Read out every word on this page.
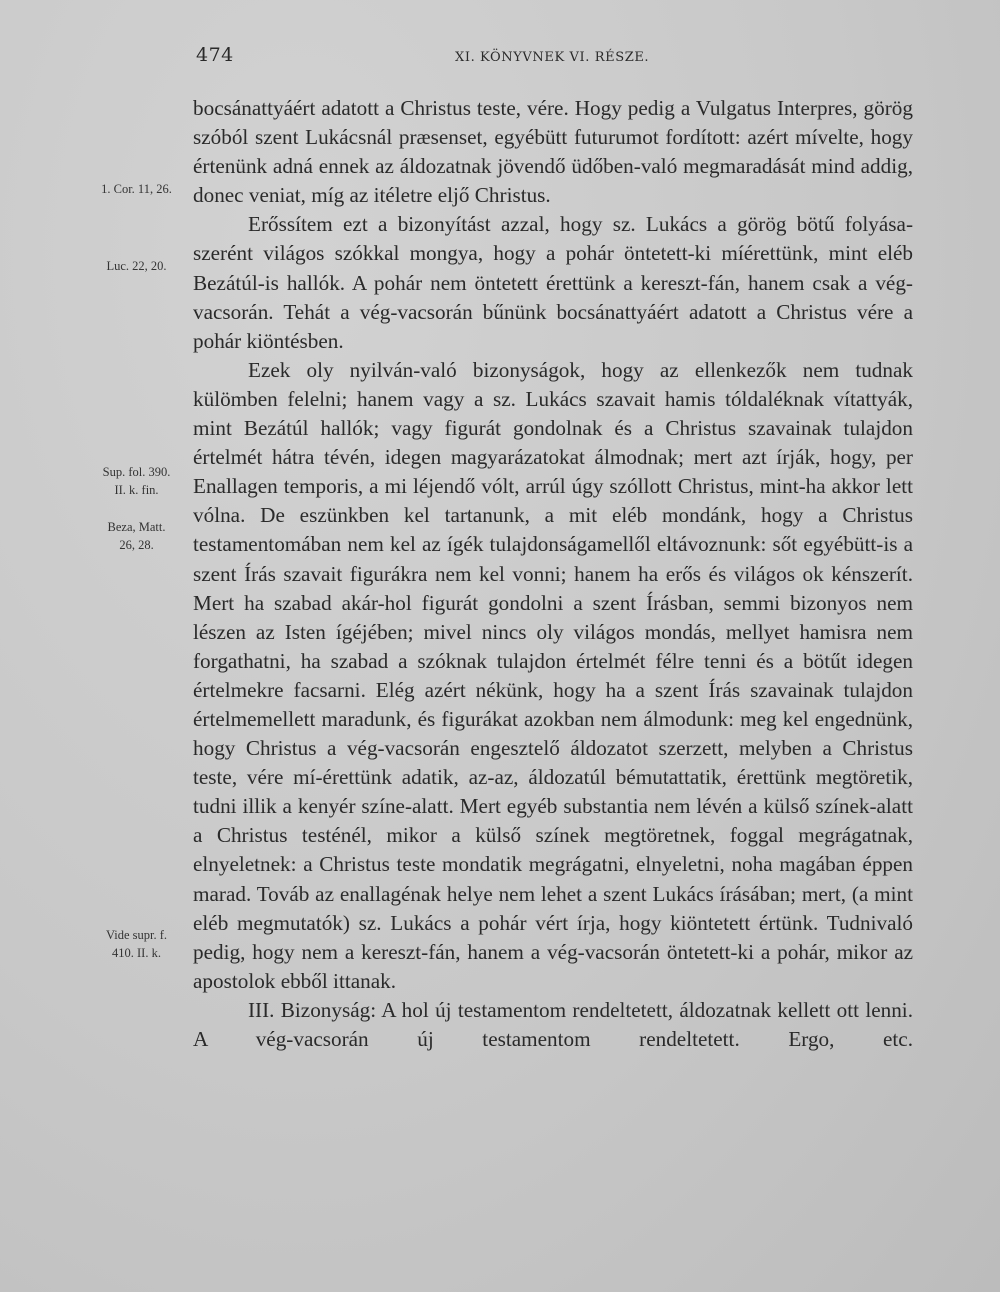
474	XI. KÖNYVNEK VI. RÉSZE.
1. Cor. 11, 26.
Luc. 22, 20.
Sup. fol. 390.
II. k. fin.
Beza, Matt.
26, 28.
Vide supr. f.
410. II. k.

bocsánattyáért adatott a Christus teste, vére. Hogy pedig a Vulgatus Interpres, görög szóból szent Lukácsnál præsenset, egyébütt futurumot fordított: azért mívelte, hogy értenünk adná ennek az áldozatnak jövendő üdőben-való megmaradását mind addig, donec veniat, míg az itéletre eljő Christus.

Erőssítem ezt a bizonyítást azzal, hogy sz. Lukács a görög bötű folyása-szerént világos szókkal mongya, hogy a pohár öntetett-ki míérettünk, mint eléb Bezátúl-is hallók. A pohár nem öntetett érettünk a kereszt-fán, hanem csak a vég-vacsorán. Tehát a vég-vacsorán bűnünk bocsánattyáért adatott a Christus vére a pohár kiöntésben.

Ezek oly nyilván-való bizonyságok, hogy az ellenkezők nem tudnak külömben felelni; hanem vagy a sz. Lukács szavait hamis tóldaléknak vítattyák, mint Bezátúl hallók; vagy figurát gondolnak és a Christus szavainak tulajdon értelmét hátra tévén, idegen magyarázatokat álmodnak; mert azt írják, hogy, per Enallagen temporis, a mi léjendő vólt, arrúl úgy szóllott Christus, mint-ha akkor lett vólna. De eszünkben kel tartanunk, a mit eléb mondánk, hogy a Christus testamentomában nem kel az ígék tulajdonságamellől eltávoznunk: sőt egyébütt-is a szent Írás szavait figurákra nem kel vonni; hanem ha erős és világos ok kénszerít. Mert ha szabad akár-hol figurát gondolni a szent Írásban, semmi bizonyos nem lészen az Isten ígéjében; mivel nincs oly világos mondás, mellyet hamisra nem forgathatni, ha szabad a szóknak tulajdon értelmét félre tenni és a bötűt idegen értelmekre facsarni. Elég azért nékünk, hogy ha a szent Írás szavainak tulajdon értelmemellett maradunk, és figurákat azokban nem álmodunk: meg kel engednünk, hogy Christus a vég-vacsorán engesztelő áldozatot szerzett, melyben a Christus teste, vére mí-érettünk adatik, az-az, áldozatúl bémutattatik, érettünk megtöretik, tudni illik a kenyér színe-alatt. Mert egyéb substantia nem lévén a külső színek-alatt a Christus testénél, mikor a külső színek megtöretnek, foggal megrágatnak, elnyeletnek: a Christus teste mondatik megrágatni, elnyeletni, noha magában éppen marad. Továb az enallagénak helye nem lehet a szent Lukács írásában; mert, (a mint eléb megmutatók) sz. Lukács a pohár vért írja, hogy kiöntetett értünk. Tudnivaló pedig, hogy nem a kereszt-fán, hanem a vég-vacsorán öntetett-ki a pohár, mikor az apostolok ebből ittanak.

III. Bizonyság: A hol új testamentom rendeltetett, áldozatnak kellett ott lenni. A vég-vacsorán új testamentom rendeltetett. Ergo, etc.
